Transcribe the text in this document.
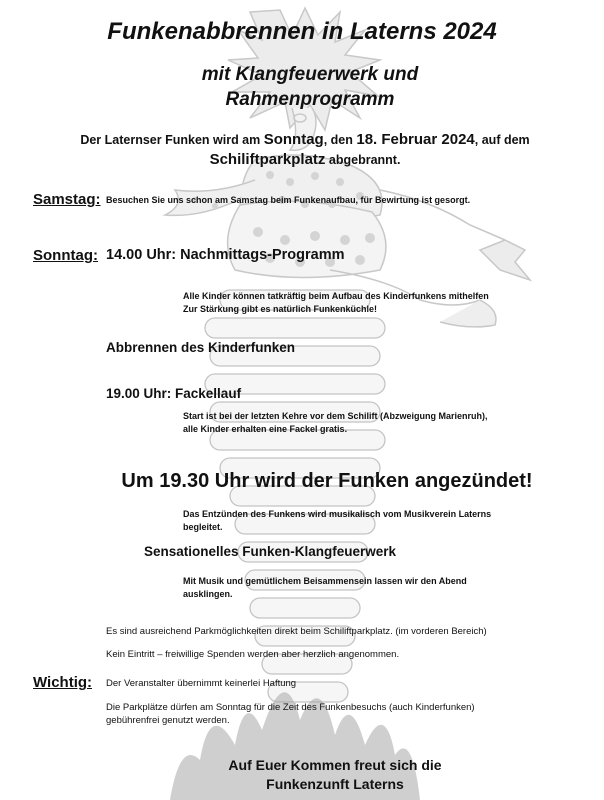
Funkenabbrennen in Laterns 2024
mit Klangfeuerwerk und
Rahmenprogramm
Der Laternser Funken wird am Sonntag, den 18. Februar 2024, auf dem
Schiliftparkplatz abgebrannt.
Samstag: Besuchen Sie uns schon am Samstag beim Funkenaufbau, für Bewirtung ist gesorgt.
Sonntag: 14.00 Uhr: Nachmittags-Programm
Alle Kinder können tatkräftig beim Aufbau des Kinderfunkens mithelfen
Zur Stärkung gibt es natürlich Funkenküchle!
Abbrennen des Kinderfunken
19.00 Uhr: Fackellauf
Start ist bei der letzten Kehre vor dem Schilift (Abzweigung Marienruh),
alle Kinder erhalten eine Fackel gratis.
Um 19.30 Uhr wird der Funken angezündet!
Das Entzünden des Funkens wird musikalisch vom Musikverein Laterns
begleitet.
Sensationelles Funken-Klangfeuerwerk
Mit Musik und gemütlichem Beisammensein lassen wir den Abend
ausklingen.
Es sind ausreichend Parkmöglichkeiten direkt beim Schiliftparkplatz. (im vorderen Bereich)
Kein Eintritt – freiwillige Spenden werden aber herzlich angenommen.
Wichtig: Der Veranstalter übernimmt keinerlei Haftung
Die Parkplätze dürfen am Sonntag für die Zeit des Funkenbesuchs (auch Kinderfunken)
gebührenfrei genutzt werden.
Auf Euer Kommen freut sich die
Funkenzunft Laterns
